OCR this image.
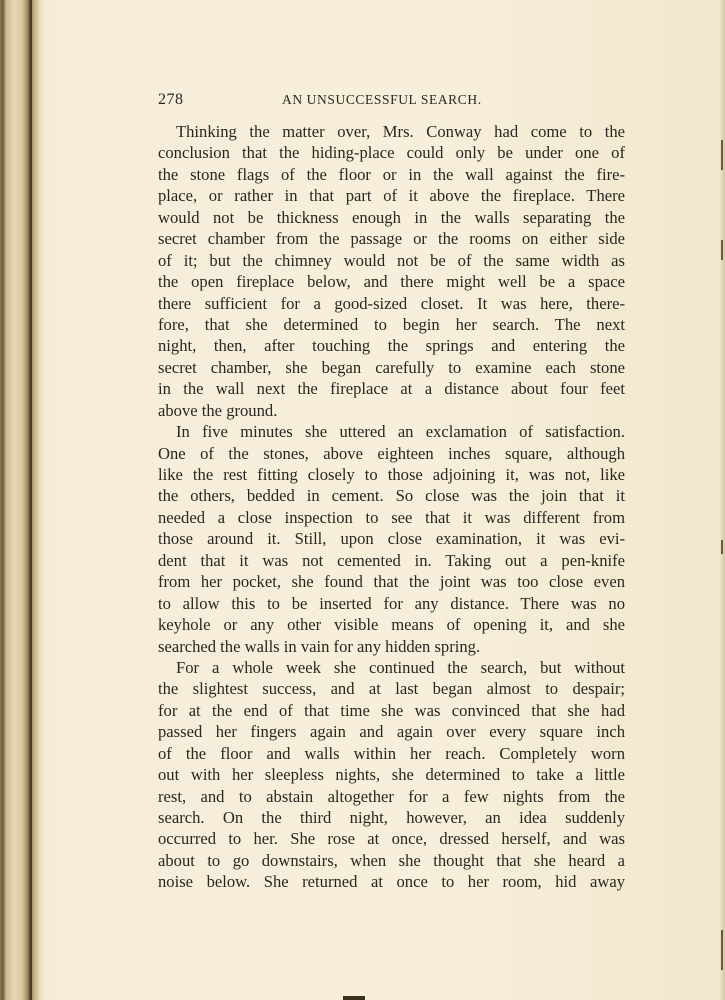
278	AN UNSUCCESSFUL SEARCH.
Thinking the matter over, Mrs. Conway had come to the
conclusion that the hiding-place could only be under one of
the stone flags of the floor or in the wall against the fire-
place, or rather in that part of it above the fireplace. There
would not be thickness enough in the walls separating the
secret chamber from the passage or the rooms on either side
of it; but the chimney would not be of the same width as
the open fireplace below, and there might well be a space
there sufficient for a good-sized closet. It was here, there-
fore, that she determined to begin her search. The next
night, then, after touching the springs and entering the
secret chamber, she began carefully to examine each stone
in the wall next the fireplace at a distance about four feet
above the ground.
In five minutes she uttered an exclamation of satisfaction.
One of the stones, above eighteen inches square, although
like the rest fitting closely to those adjoining it, was not, like
the others, bedded in cement. So close was the join that it
needed a close inspection to see that it was different from
those around it. Still, upon close examination, it was evi-
dent that it was not cemented in. Taking out a pen-knife
from her pocket, she found that the joint was too close even
to allow this to be inserted for any distance. There was no
keyhole or any other visible means of opening it, and she
searched the walls in vain for any hidden spring.
For a whole week she continued the search, but without
the slightest success, and at last began almost to despair;
for at the end of that time she was convinced that she had
passed her fingers again and again over every square inch
of the floor and walls within her reach. Completely worn
out with her sleepless nights, she determined to take a little
rest, and to abstain altogether for a few nights from the
search. On the third night, however, an idea suddenly
occurred to her. She rose at once, dressed herself, and was
about to go downstairs, when she thought that she heard a
noise below. She returned at once to her room, hid away
